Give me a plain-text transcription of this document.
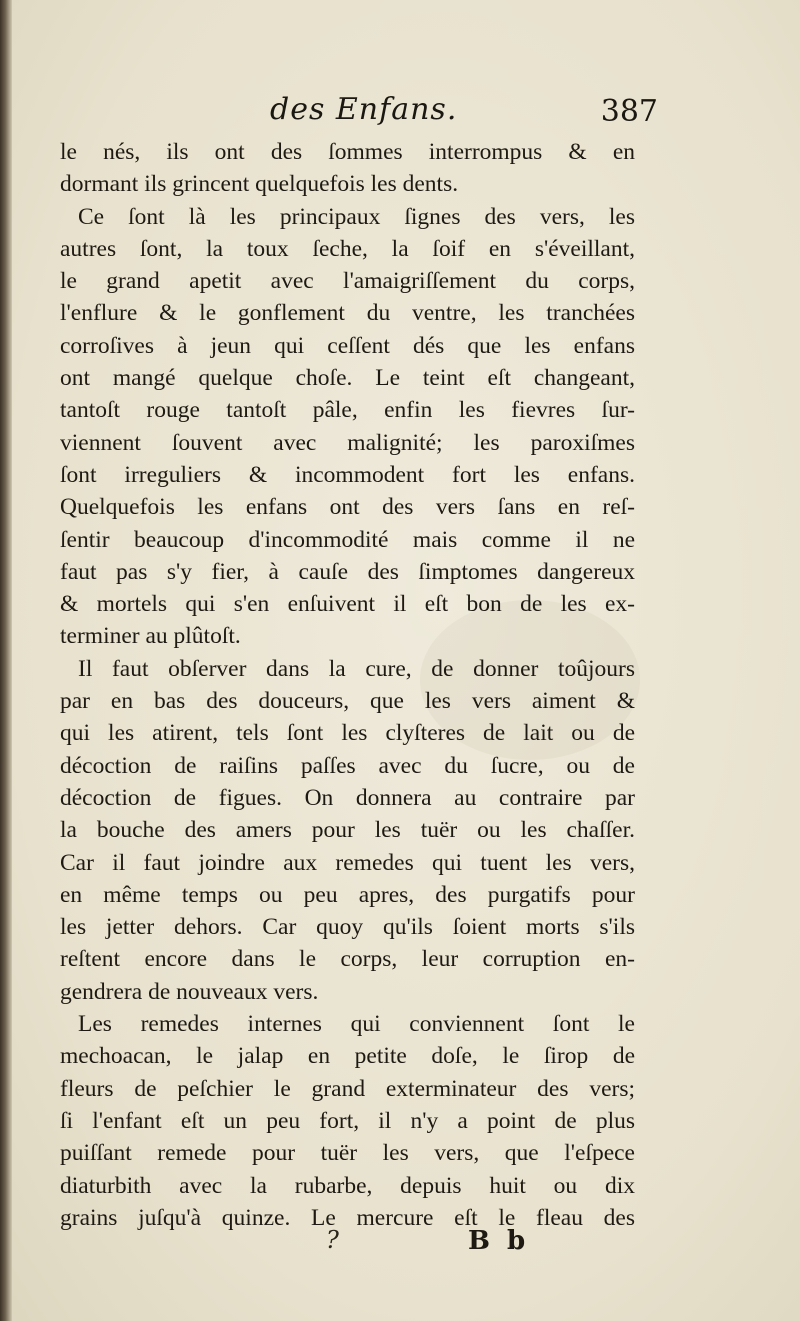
des Enfans.	387
le nés, ils ont des ſommes interrompus & en
dormant ils grincent quelquefois les dents.
Ce ſont là les principaux ſignes des vers, les
autres ſont, la toux ſeche, la ſoif en s'éveillant,
le grand apetit avec l'amaigriſſement du corps,
l'enflure & le gonflement du ventre, les tranchées
corroſives à jeun qui ceſſent dés que les enfans
ont mangé quelque choſe. Le teint eſt changeant,
tantoſt rouge tantoſt pâle, enfin les fievres ſur-
viennent ſouvent avec malignité; les paroxiſmes
ſont irreguliers & incommodent fort les enfans.
Quelquefois les enfans ont des vers ſans en reſ-
ſentir beaucoup d'incommodité mais comme il ne
faut pas s'y fier, à cauſe des ſimptomes dangereux
& mortels qui s'en enſuivent il eſt bon de les ex-
terminer au plûtoſt.
Il faut obſerver dans la cure, de donner toûjours
par en bas des douceurs, que les vers aiment &
qui les atirent, tels ſont les clyſteres de lait ou de
décoction de raiſins paſſes avec du ſucre, ou de
décoction de figues. On donnera au contraire par
la bouche des amers pour les tuër ou les chaſſer.
Car il faut joindre aux remedes qui tuent les vers,
en même temps ou peu apres, des purgatifs pour
les jetter dehors. Car quoy qu'ils ſoient morts s'ils
reſtent encore dans le corps, leur corruption en-
gendrera de nouveaux vers.
Les remedes internes qui conviennent ſont le
mechoacan, le jalap en petite doſe, le ſirop de
fleurs de peſchier le grand exterminateur des vers;
ſi l'enfant eſt un peu fort, il n'y a point de plus
puiſſant remede pour tuër les vers, que l'eſpece
diaturbith avec la rubarbe, depuis huit ou dix
grains juſqu'à quinze. Le mercure eſt le fleau des
?	B b
